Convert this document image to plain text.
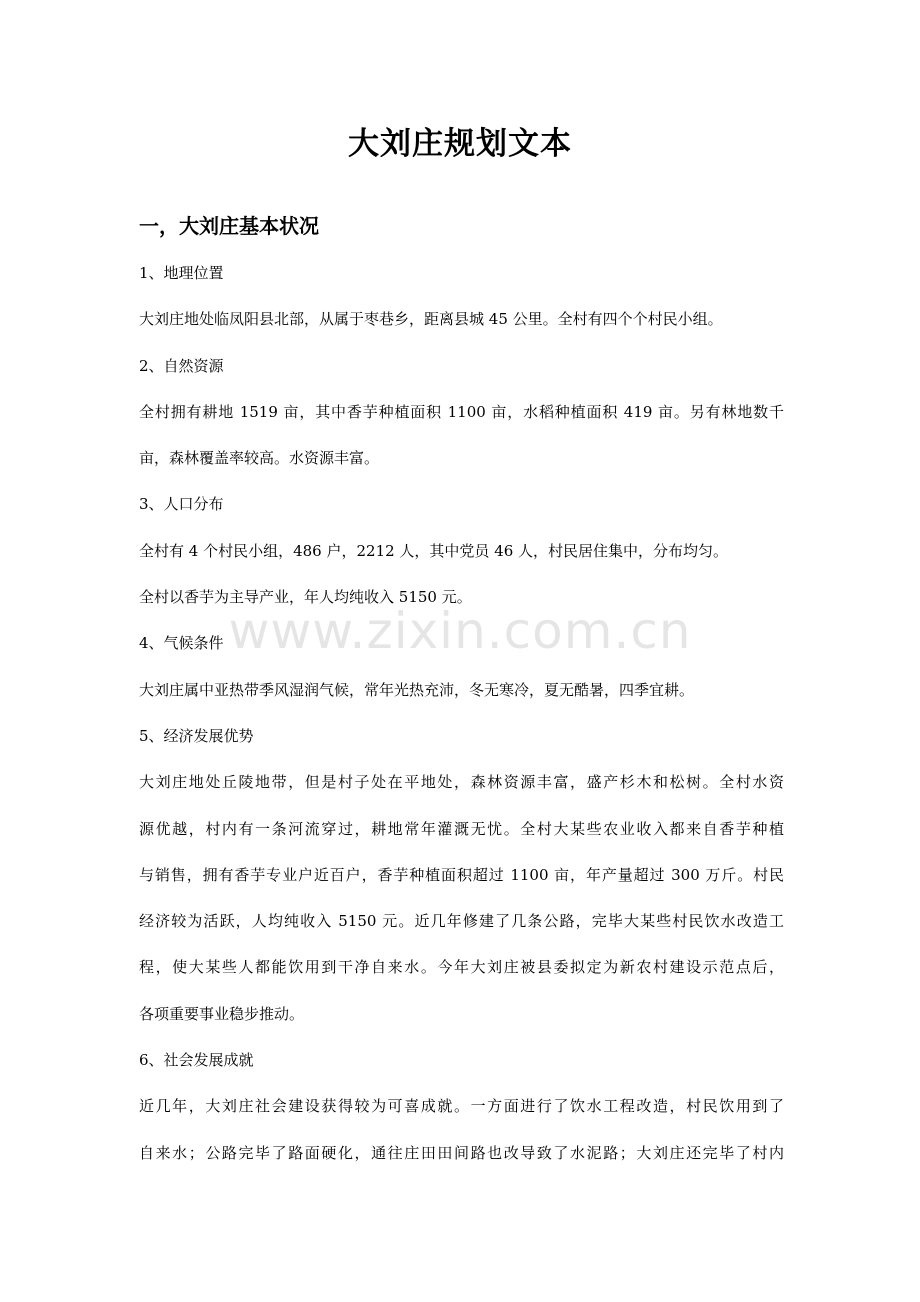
大刘庄规划文本
一，大刘庄基本状况
1、地理位置
大刘庄地处临凤阳县北部，从属于枣巷乡，距离县城 45 公里。全村有四个个村民小组。
2、自然资源
全村拥有耕地 1519 亩，其中香芋种植面积 1100 亩，水稻种植面积 419 亩。另有林地数千
亩，森林覆盖率较高。水资源丰富。
3、人口分布
全村有 4 个村民小组，486 户，2212 人，其中党员 46 人，村民居住集中，分布均匀。
全村以香芋为主导产业，年人均纯收入 5150 元。
4、气候条件
大刘庄属中亚热带季风湿润气候，常年光热充沛，冬无寒冷，夏无酷暑，四季宜耕。
5、经济发展优势
大刘庄地处丘陵地带，但是村子处在平地处，森林资源丰富，盛产杉木和松树。全村水资
源优越，村内有一条河流穿过，耕地常年灌溉无忧。全村大某些农业收入都来自香芋种植
与销售，拥有香芋专业户近百户，香芋种植面积超过 1100 亩，年产量超过 300 万斤。村民
经济较为活跃，人均纯收入 5150 元。近几年修建了几条公路，完毕大某些村民饮水改造工
程，使大某些人都能饮用到干净自来水。今年大刘庄被县委拟定为新农村建设示范点后，
各项重要事业稳步推动。
6、社会发展成就
近几年，大刘庄社会建设获得较为可喜成就。一方面进行了饮水工程改造，村民饮用到了
自来水；公路完毕了路面硬化，通往庄田田间路也改导致了水泥路；大刘庄还完毕了村内
www.zixin.com.cn
